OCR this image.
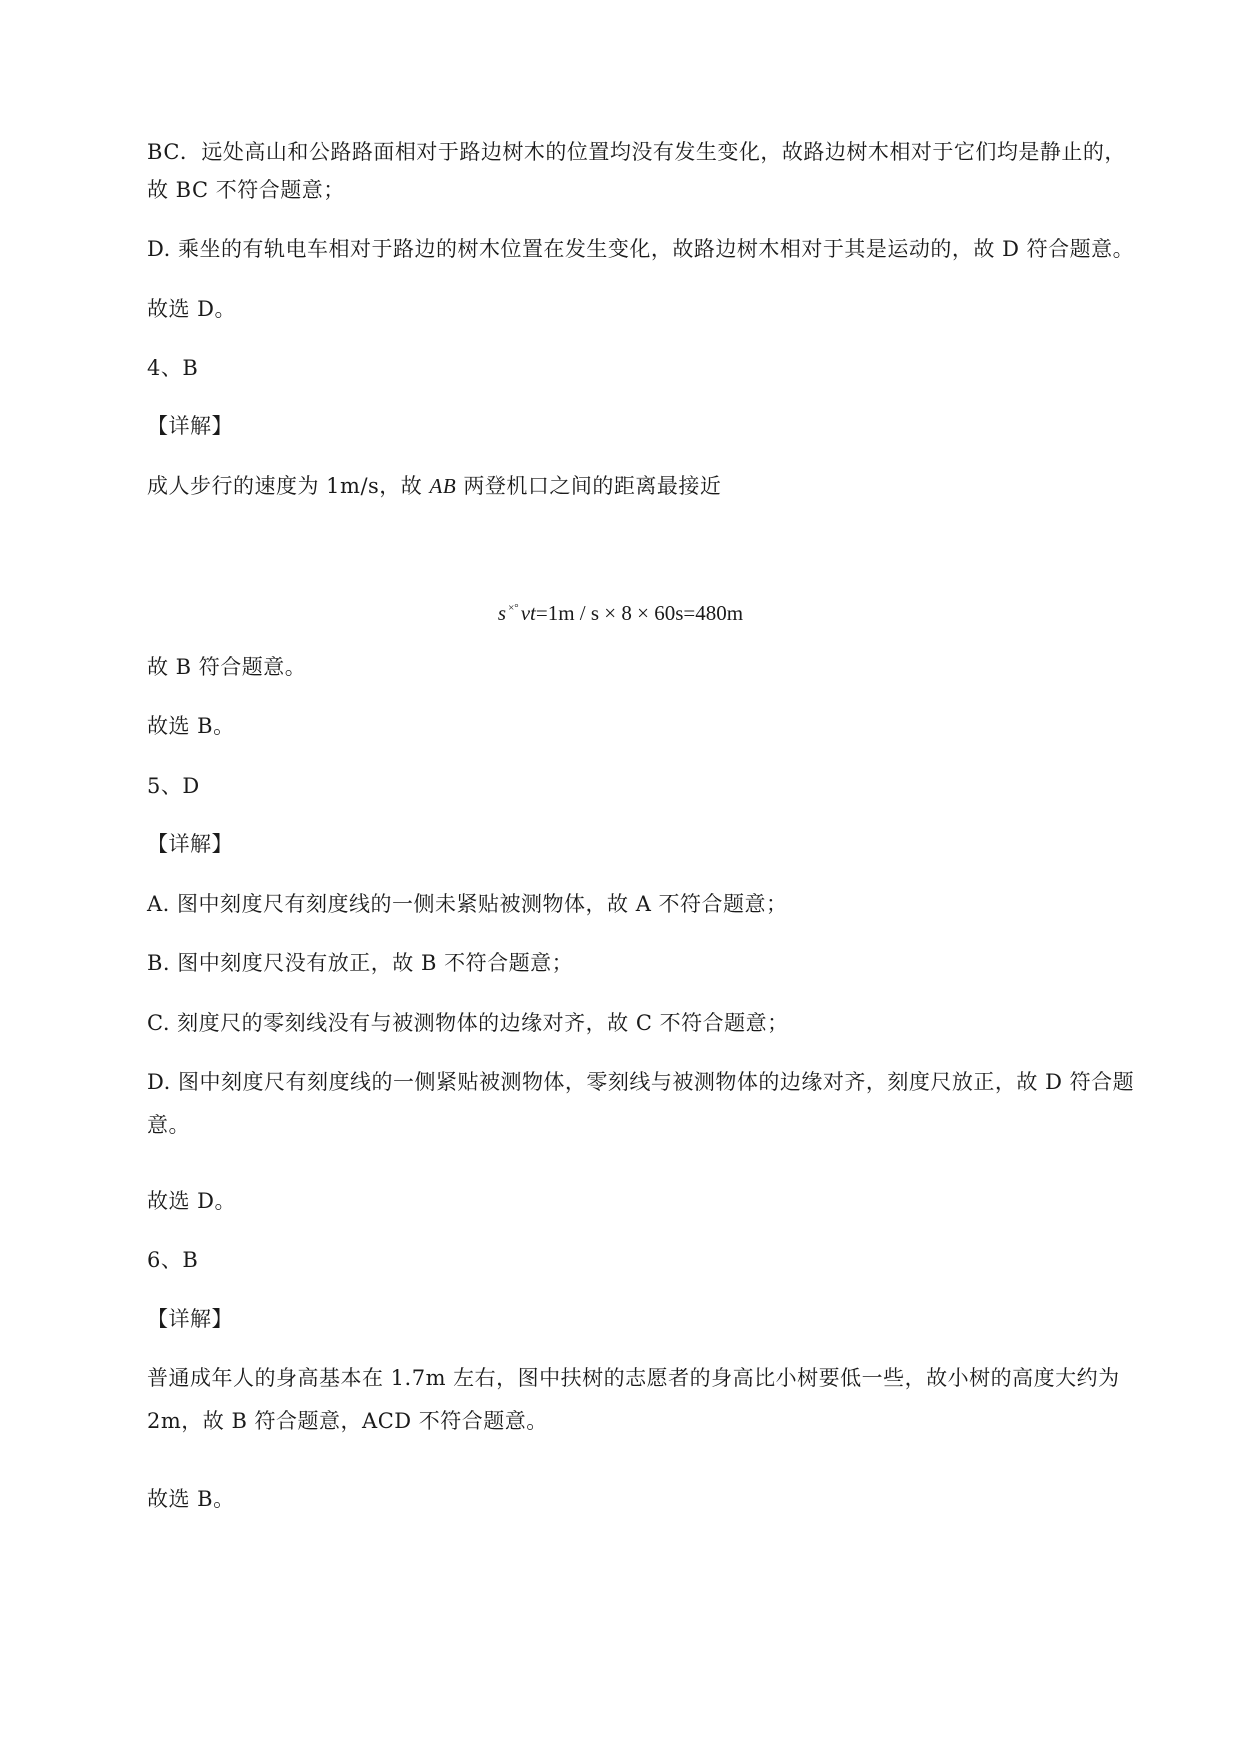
BC．远处高山和公路路面相对于路边树木的位置均没有发生变化，故路边树木相对于它们均是静止的，
故 BC 不符合题意；
D. 乘坐的有轨电车相对于路边的树木位置在发生变化，故路边树木相对于其是运动的，故 D 符合题意。
故选 D。
4、B
【详解】
成人步行的速度为 1m/s，故 AB 两登机口之间的距离最接近
s ×°vt=1m / s × 8 × 60s=480m
故 B 符合题意。
故选 B。
5、D
【详解】
A. 图中刻度尺有刻度线的一侧未紧贴被测物体，故 A 不符合题意；
B. 图中刻度尺没有放正，故 B 不符合题意；
C. 刻度尺的零刻线没有与被测物体的边缘对齐，故 C 不符合题意；
D. 图中刻度尺有刻度线的一侧紧贴被测物体，零刻线与被测物体的边缘对齐，刻度尺放正，故 D 符合题意。
故选 D。
6、B
【详解】
普通成年人的身高基本在 1.7m 左右，图中扶树的志愿者的身高比小树要低一些，故小树的高度大约为 2m，故 B 符合题意，ACD 不符合题意。
故选 B。
